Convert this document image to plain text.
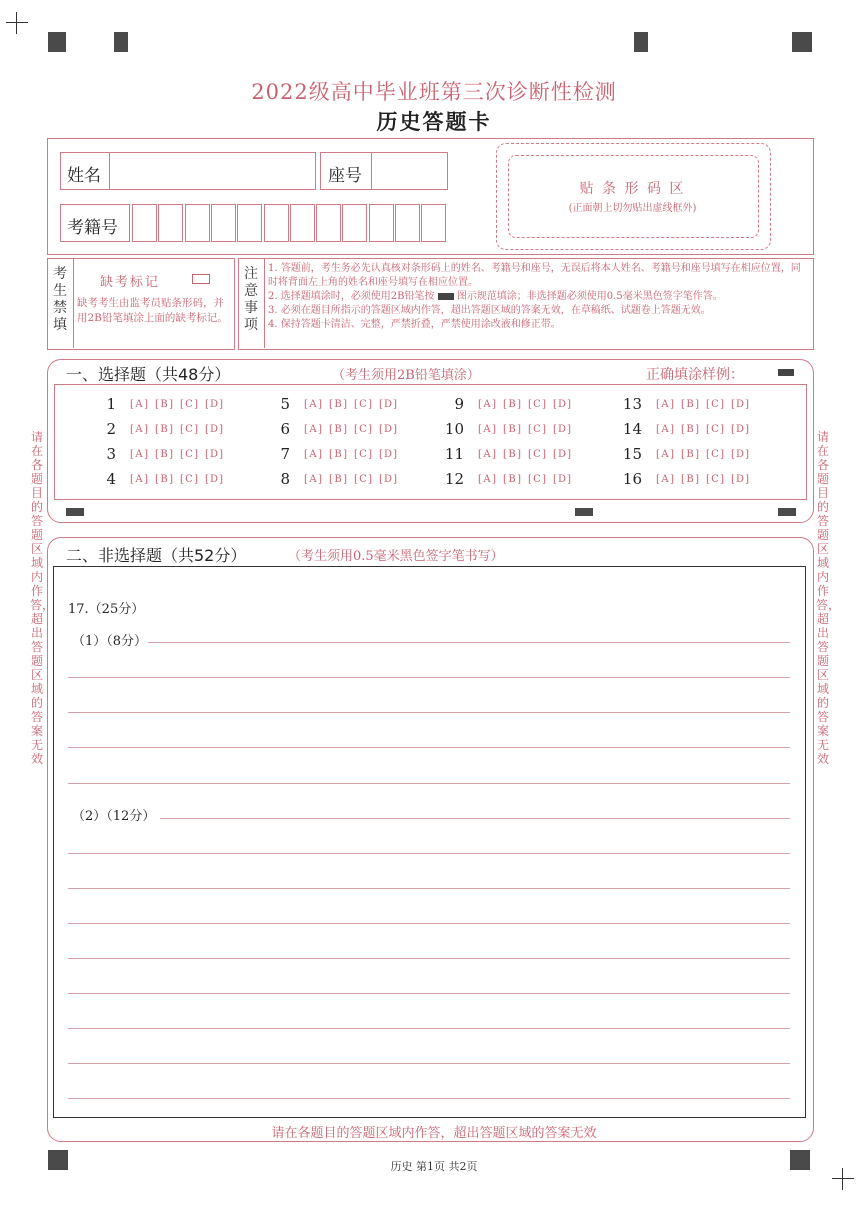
2022级高中毕业班第三次诊断性检测
历史答题卡
姓名	座号
考籍号
贴 条 形 码 区
(正面朝上切勿贴出虚线框外)
考生禁填
缺考标记
缺考考生由监考员贴条形码，并用2B铅笔填涂上面的缺考标记。
注意事项
1. 答题前，考生务必先认真核对条形码上的姓名、考籍号和座号，无误后将本人姓名、考籍号和座号填写在相应位置，同时将背面左上角的姓名和座号填写在相应位置。
2. 选择题填涂时，必须使用2B铅笔按 图示规范填涂；非选择题必须使用0.5毫米黑色签字笔作答。
3. 必须在题目所指示的答题区域内作答，超出答题区域的答案无效，在草稿纸、试题卷上答题无效。
4. 保持答题卡清洁、完整，严禁折叠，严禁使用涂改液和修正带。
请在各题目的答题区域内作答，超出答题区域的答案无效
请在各题目的答题区域内作答，超出答题区域的答案无效
一、选择题（共48分）	（考生须用2B铅笔填涂）	正确填涂样例：
1	[ A ]	[ B ]	[ C ]	[ D ]
2	[ A ]	[ B ]	[ C ]	[ D ]
3	[ A ]	[ B ]	[ C ]	[ D ]
4	[ A ]	[ B ]	[ C ]	[ D ]
5	[ A ]	[ B ]	[ C ]	[ D ]
6	[ A ]	[ B ]	[ C ]	[ D ]
7	[ A ]	[ B ]	[ C ]	[ D ]
8	[ A ]	[ B ]	[ C ]	[ D ]
9	[ A ]	[ B ]	[ C ]	[ D ]
10	[ A ]	[ B ]	[ C ]	[ D ]
11	[ A ]	[ B ]	[ C ]	[ D ]
12	[ A ]	[ B ]	[ C ]	[ D ]
13	[ A ]	[ B ]	[ C ]	[ D ]
14	[ A ]	[ B ]	[ C ]	[ D ]
15	[ A ]	[ B ]	[ C ]	[ D ]
16	[ A ]	[ B ]	[ C ]	[ D ]
二、非选择题（共52分）	（考生须用0.5毫米黑色签字笔书写）
17.（25分）
（1）（8分）
（2）（12分）
请在各题目的答题区域内作答，超出答题区域的答案无效
历史 第1页 共2页
